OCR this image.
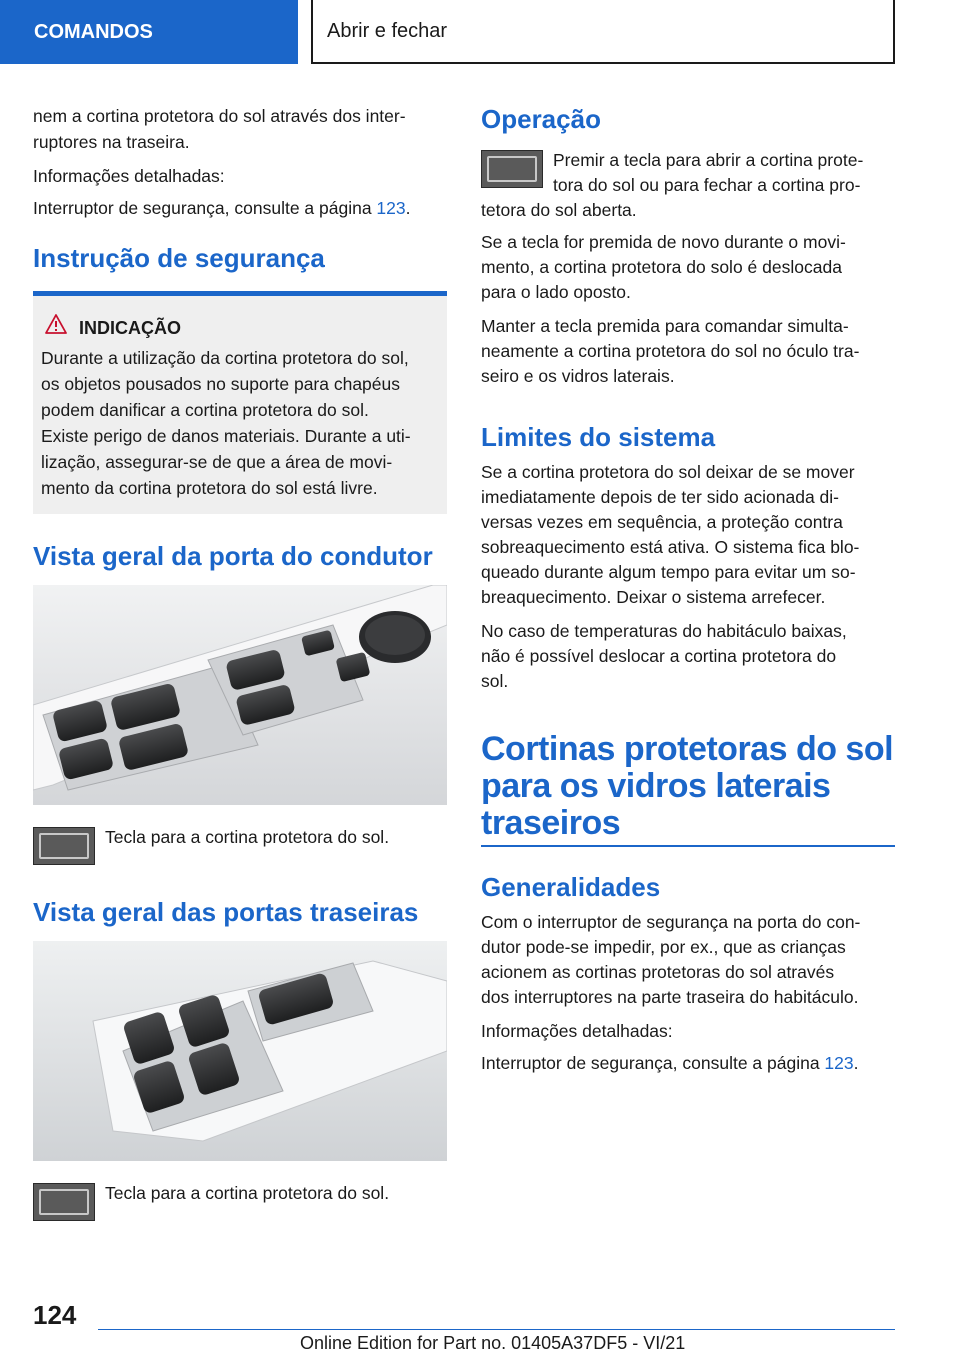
COMANDOS	Abrir e fechar

nem a cortina protetora do sol através dos inter-

ruptores na traseira.

Informações detalhadas:

Interruptor de segurança, consulte a página 123.

Instrução de segurança
INDICAÇÃO

Durante a utilização da cortina protetora do sol,

os objetos pousados no suporte para chapéus

podem danificar a cortina protetora do sol.

Existe perigo de danos materiais. Durante a uti-

lização, assegurar-se de que a área de movi-

mento da cortina protetora do sol está livre.

Vista geral da porta do condutor

Tecla para a cortina protetora do sol.

Vista geral das portas traseiras

Tecla para a cortina protetora do sol.

Operação

Premir a tecla para abrir a cortina prote-

tora do sol ou para fechar a cortina pro-

tetora do sol aberta.

Se a tecla for premida de novo durante o movi-

mento, a cortina protetora do solo é deslocada

para o lado oposto.

Manter a tecla premida para comandar simulta-

neamente a cortina protetora do sol no óculo tra-

seiro e os vidros laterais.

Limites do sistema

Se a cortina protetora do sol deixar de se mover

imediatamente depois de ter sido acionada di-

versas vezes em sequência, a proteção contra

sobreaquecimento está ativa. O sistema fica blo-

queado durante algum tempo para evitar um so-

breaquecimento. Deixar o sistema arrefecer.

No caso de temperaturas do habitáculo baixas,

não é possível deslocar a cortina protetora do

sol.

Cortinas protetoras do sol
para os vidros laterais
traseiros
Generalidades

Com o interruptor de segurança na porta do con-

dutor pode-se impedir, por ex., que as crianças

acionem as cortinas protetoras do sol através

dos interruptores na parte traseira do habitáculo.

Informações detalhadas:

Interruptor de segurança, consulte a página 123.

124
Online Edition for Part no. 01405A37DF5 - VI/21
